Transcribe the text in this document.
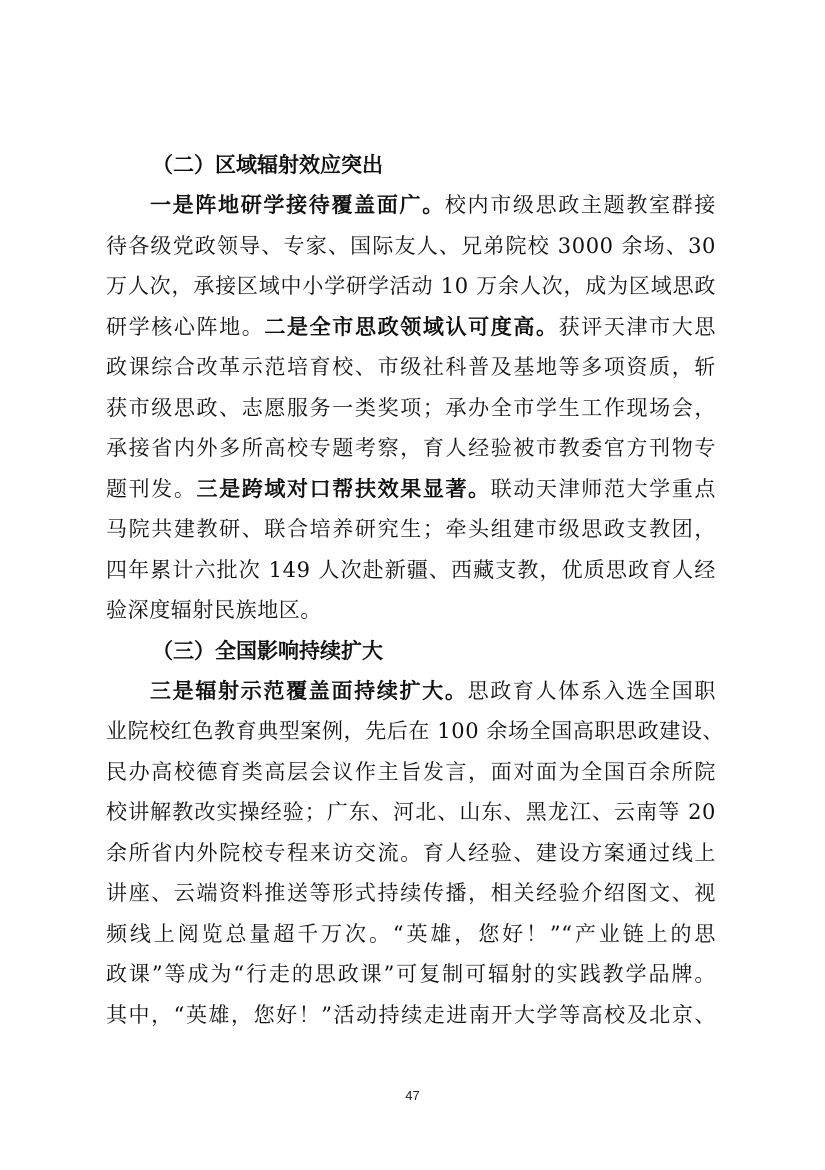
（二）区域辐射效应突出
一是阵地研学接待覆盖面广。校内市级思政主题教室群接
待各级党政领导、专家、国际友人、兄弟院校 3000 余场、30
万人次，承接区域中小学研学活动 10 万余人次，成为区域思政
研学核心阵地。二是全市思政领域认可度高。获评天津市大思
政课综合改革示范培育校、市级社科普及基地等多项资质，斩
获市级思政、志愿服务一类奖项；承办全市学生工作现场会，
承接省内外多所高校专题考察，育人经验被市教委官方刊物专
题刊发。三是跨域对口帮扶效果显著。联动天津师范大学重点
马院共建教研、联合培养研究生；牵头组建市级思政支教团，
四年累计六批次 149 人次赴新疆、西藏支教，优质思政育人经
验深度辐射民族地区。
（三）全国影响持续扩大
三是辐射示范覆盖面持续扩大。思政育人体系入选全国职
业院校红色教育典型案例，先后在 100 余场全国高职思政建设、
民办高校德育类高层会议作主旨发言，面对面为全国百余所院
校讲解教改实操经验；广东、河北、山东、黑龙江、云南等 20
余所省内外院校专程来访交流。育人经验、建设方案通过线上
讲座、云端资料推送等形式持续传播，相关经验介绍图文、视
频线上阅览总量超千万次。“英雄，您好！”“产业链上的思
政课”等成为“行走的思政课”可复制可辐射的实践教学品牌。
其中，“英雄，您好！”活动持续走进南开大学等高校及北京、
47
